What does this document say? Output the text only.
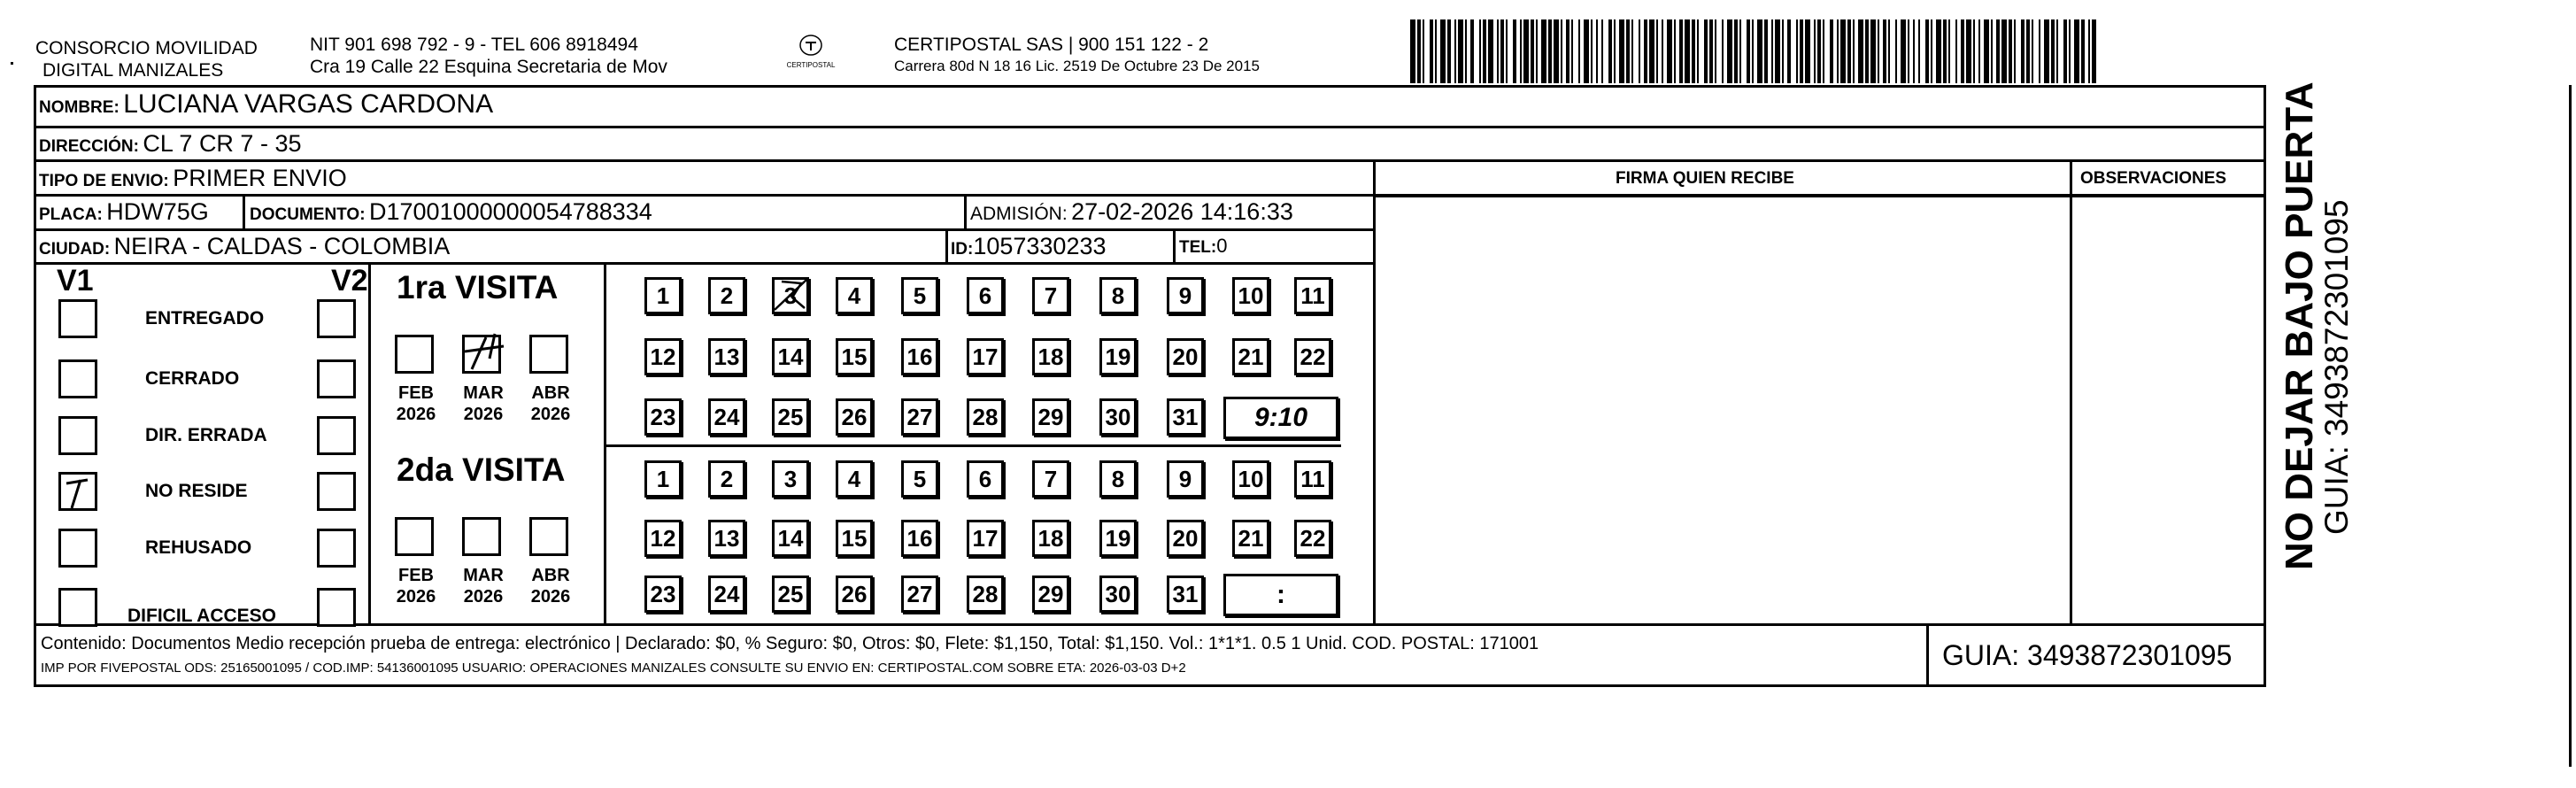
CONSORCIO MOVILIDAD
DIGITAL MANIZALES
NIT 901 698 792 - 9 - TEL 606 8918494
Cra 19 Calle 22 Esquina Secretaria de Mov	CERTIPOSTAL
CERTIPOSTAL SAS | 900 151 122 - 2
Carrera 80d N 18 16 Lic. 2519 De Octubre 23 De 2015
NOMBRE: LUCIANA VARGAS CARDONA
DIRECCIÓN: CL 7 CR 7 - 35
TIPO DE ENVIO: PRIMER ENVIO	FIRMA QUIEN RECIBE	OBSERVACIONES
PLACA: HDW75G DOCUMENTO: D17001000000054788334	ADMISIÓN: 27-02-2026 14:16:33
CIUDAD: NEIRA - CALDAS - COLOMBIA	ID:1057330233	TEL:0
V1	V2
ENTREGADO
CERRADO
DIR. ERRADA
NO RESIDE
REHUSADO
DIFICIL ACCESO
1ra VISITA
2da VISITA
FEB
2026
MAR
2026
ABR
2026
1	2	3	4	5	6	7	8	9	10 11
12 13 14 15 16 17 18 19 20 21 22
23 24 25 26 27 28 29 30 31	9:10
FEB
2026
MAR
2026
ABR
2026
1	2	3	4	5	6	7	8	9	10 11
12 13 14 15 16 17 18 19 20 21 22
23 24 25 26 27 28 29 30 31	:
Contenido: Documentos Medio recepción prueba de entrega: electrónico | Declarado: $0, % Seguro: $0, Otros: $0, Flete: $1,150, Total: $1,150. Vol.: 1*1*1. 0.5 1 Unid. COD. POSTAL: 171001
IMP POR FIVEPOSTAL ODS: 25165001095 / COD.IMP: 54136001095 USUARIO: OPERACIONES MANIZALES CONSULTE SU ENVIO EN: CERTIPOSTAL.COM SOBRE ETA: 2026-03-03 D+2	GUIA: 3493872301095
NO DEJAR BAJO PUERTA
GUIA: 3493872301095
